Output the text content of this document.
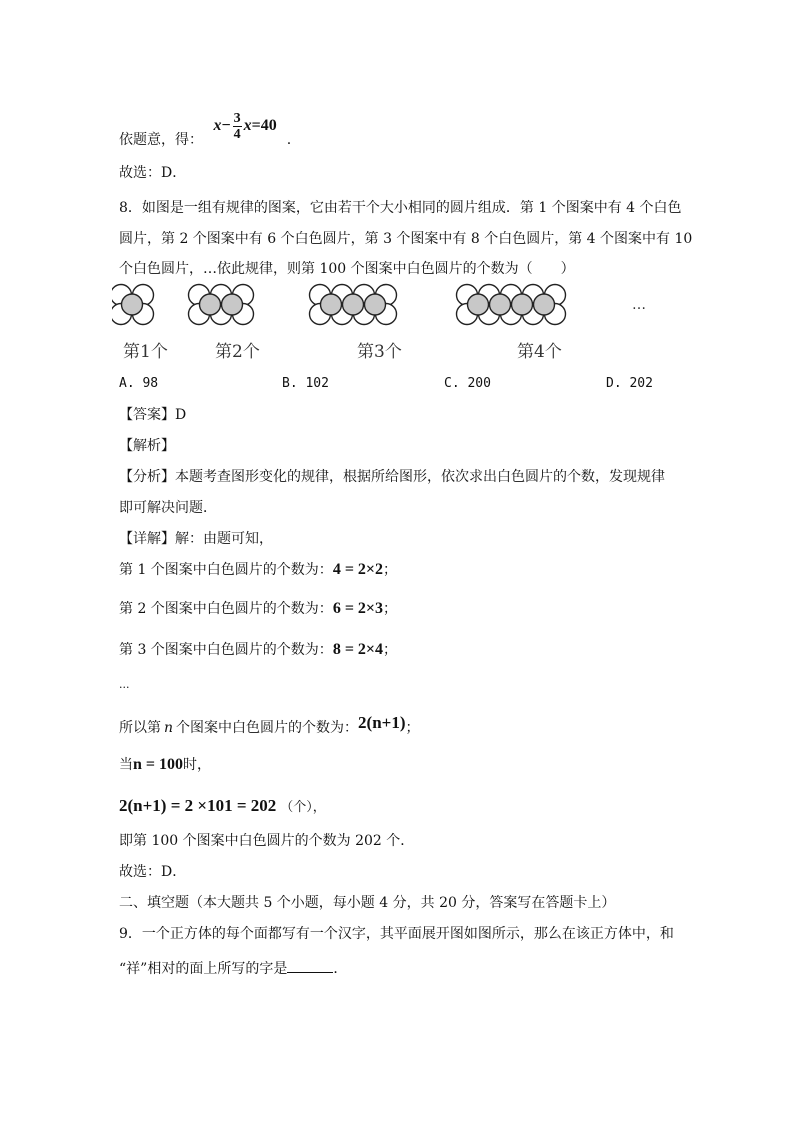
依题意，得： $x- \frac{3}{4} x=40$ .
故选：D．
8．如图是一组有规律的图案，它由若干个大小相同的圆片组成．第 1 个图案中有 4 个白色
圆片，第 2 个图案中有 6 个白色圆片，第 3 个图案中有 8 个白色圆片，第 4 个图案中有 10
个白色圆片，…依此规律，则第 100 个图案中白色圆片的个数为（　　）
第1个	第2个	第3个	第4个
…
A. 98	B. 102	C. 200	D. 202
【答案】D
【解析】
【分析】本题考查图形变化的规律，根据所给图形，依次求出白色圆片的个数，发现规律
即可解决问题．
【详解】解：由题可知，
第 1 个图案中白色圆片的个数为：4 = 2×2；
第 2 个图案中白色圆片的个数为：6 = 2×3；
第 3 个图案中白色圆片的个数为：8 = 2×4；
···
所以第 n 个图案中白色圆片的个数为：2(n+1)；
当n = 100时，
2(n+1) = 2 ×101 = 202 （个），
即第 100 个图案中白色圆片的个数为 202 个．
故选：D．
二、填空题（本大题共 5 个小题，每小题 4 分，共 20 分，答案写在答题卡上）
9．一个正方体的每个面都写有一个汉字，其平面展开图如图所示，那么在该正方体中，和
“祥”相对的面上所写的字是	．
